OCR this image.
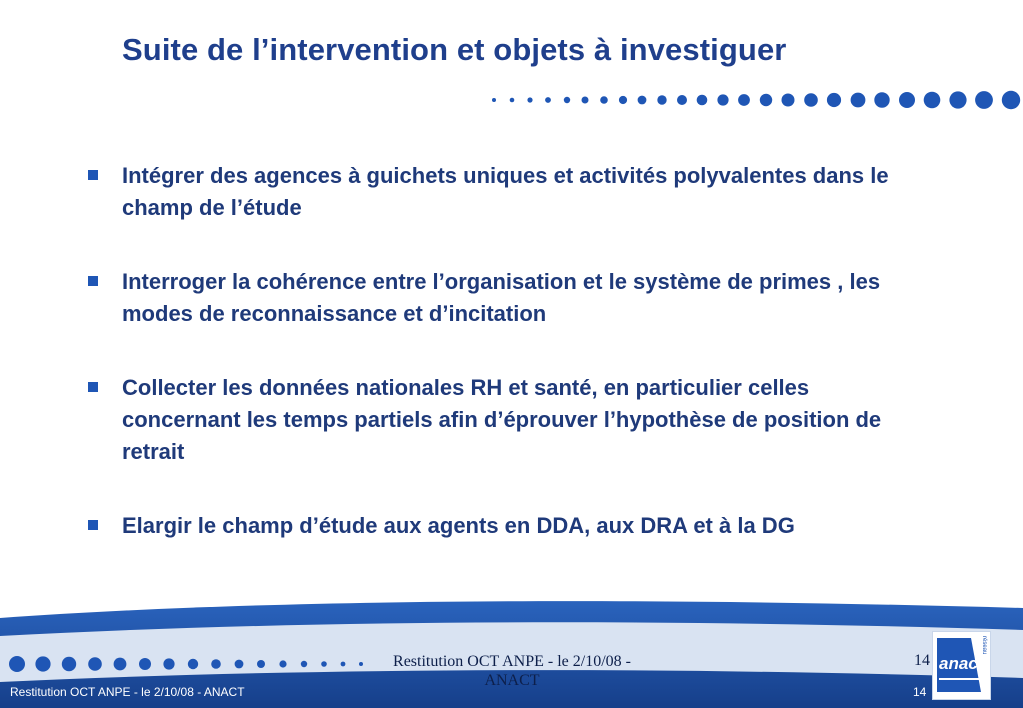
Suite de l’intervention et objets à investiguer
Intégrer des agences à guichets uniques et activités polyvalentes dans le champ de l’étude
Interroger la cohérence entre l’organisation et le système de primes , les modes de reconnaissance et d’incitation
Collecter les données nationales RH et santé, en particulier celles concernant les temps partiels afin d’éprouver l’hypothèse de position de retrait
Elargir le champ d’étude aux agents en DDA, aux DRA et à la DG
Restitution OCT ANPE - le 2/10/08 - ANACT
14
Restitution OCT ANPE - le 2/10/08 - ANACT	14
anact
réseau
